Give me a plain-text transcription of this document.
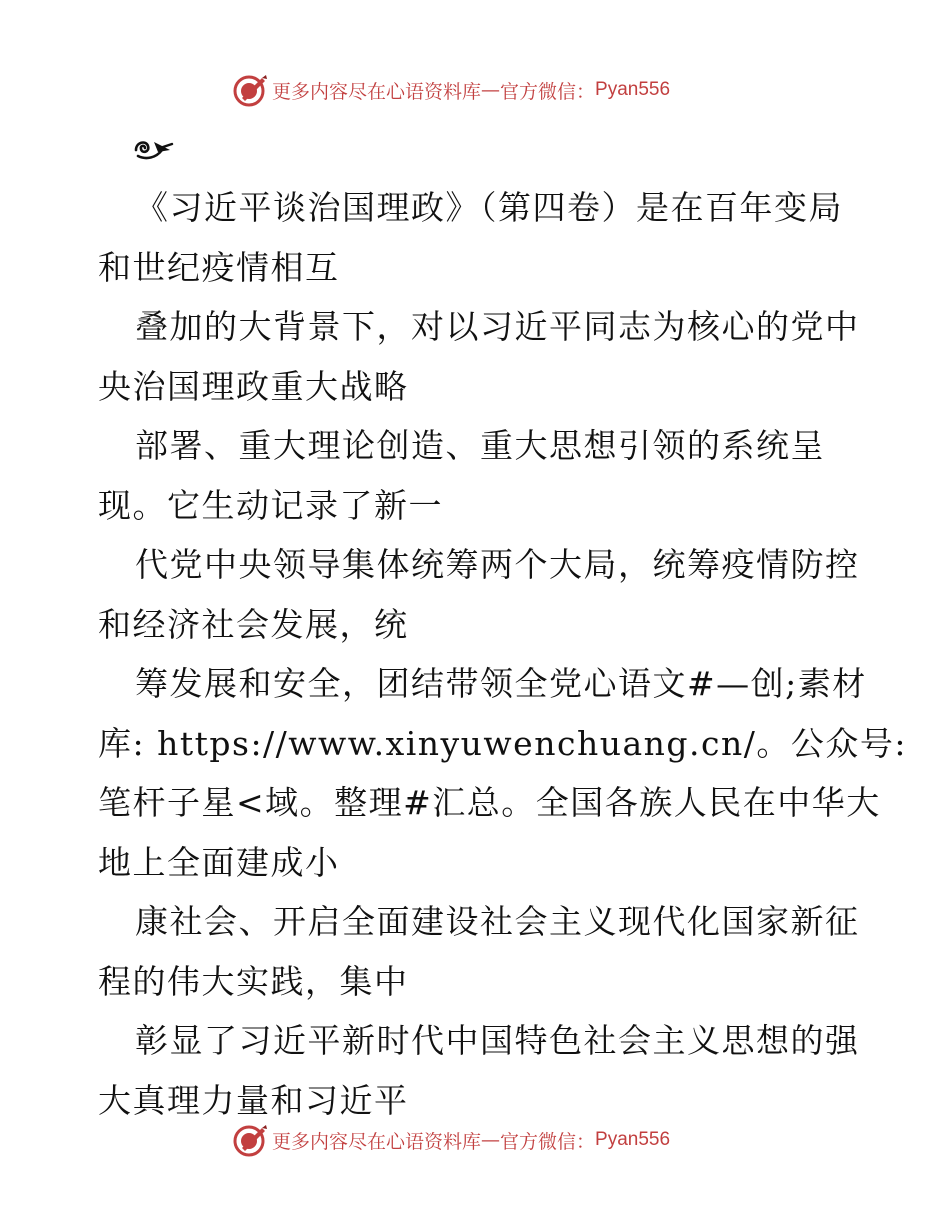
更多内容尽在心语资料库 — 官方微信： Pyan556
《习近平谈治国理政》（第四卷）是在百年变局
和世纪疫情相互
叠加的大背景下，对以习近平同志为核心的党中
央治国理政重大战略
部署、重大理论创造、重大思想引领的系统呈
现。它生动记录了新一
代党中央领导集体统筹两个大局，统筹疫情防控
和经济社会发展，统
筹发展和安全，团结带领全党心语文#—创;素材
库: https://www.xinyuwenchuang.cn/。公众号:
笔杆子星<域。整理#汇总。全国各族人民在中华大
地上全面建成小
康社会、开启全面建设社会主义现代化国家新征
程的伟大实践，集中
彰显了习近平新时代中国特色社会主义思想的强
大真理力量和习近平
更多内容尽在心语资料库 — 官方微信： Pyan556
